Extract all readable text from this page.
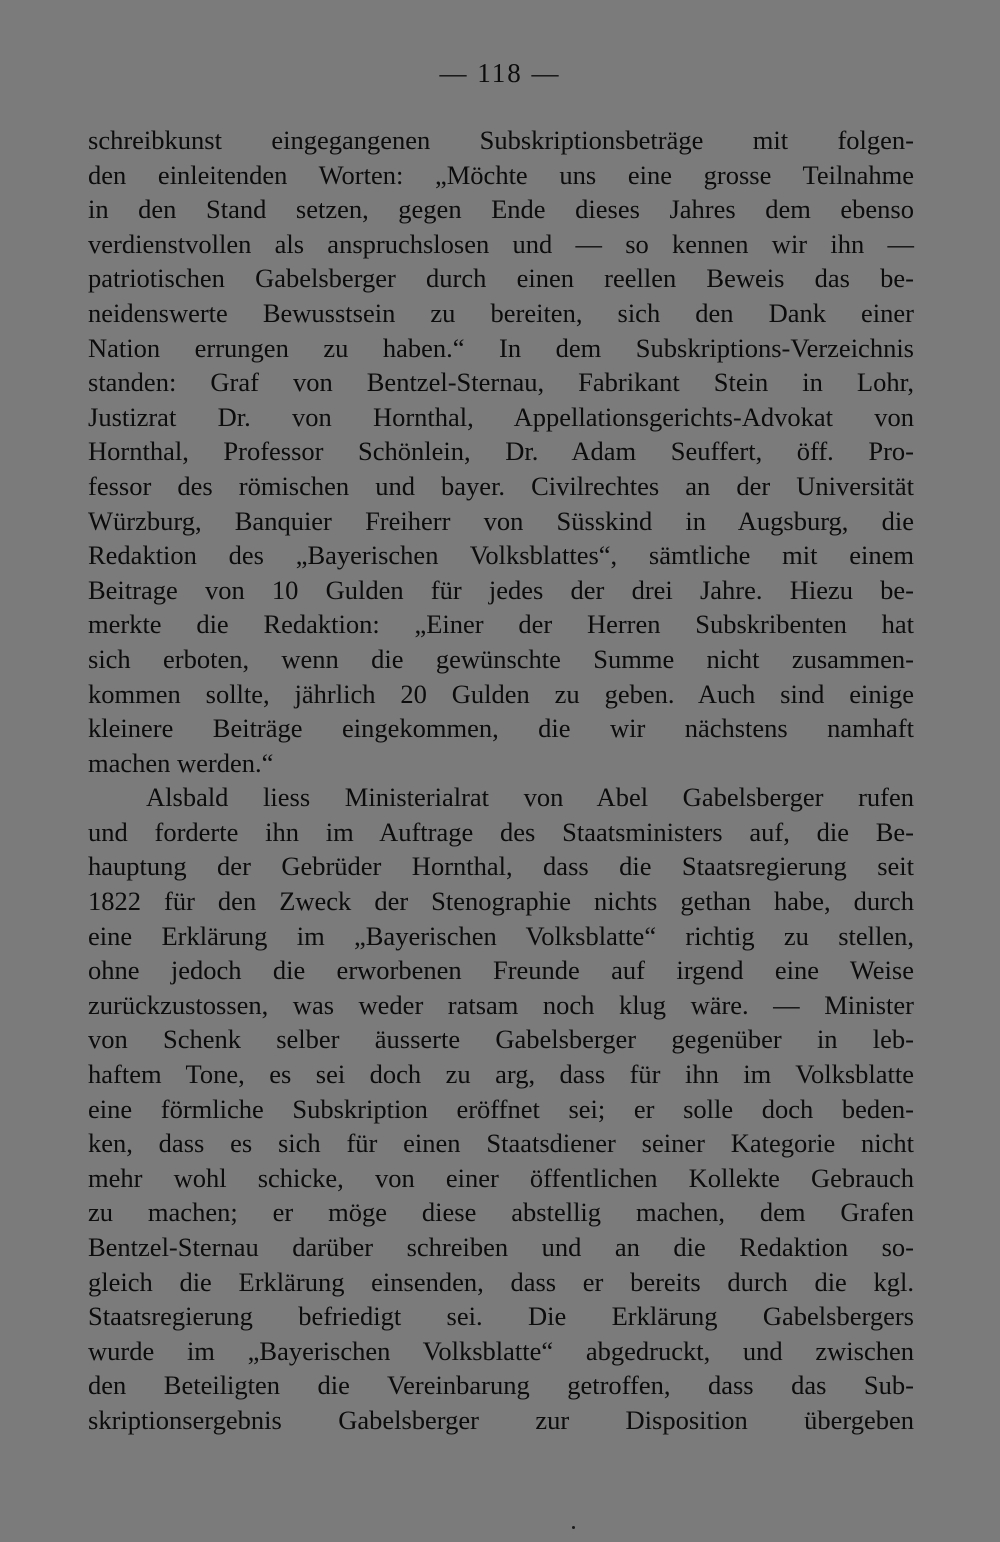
— 118 —
schreibkunst eingegangenen Subskriptionsbeträge mit folgen-
den einleitenden Worten: „Möchte uns eine grosse Teilnahme
in den Stand setzen, gegen Ende dieses Jahres dem ebenso
verdienstvollen als anspruchslosen und — so kennen wir ihn —
patriotischen Gabelsberger durch einen reellen Beweis das be-
neidenswerte Bewusstsein zu bereiten, sich den Dank einer
Nation errungen zu haben.“ In dem Subskriptions-Verzeichnis
standen: Graf von Bentzel-Sternau, Fabrikant Stein in Lohr,
Justizrat Dr. von Hornthal, Appellationsgerichts-Advokat von
Hornthal, Professor Schönlein, Dr. Adam Seuffert, öff. Pro-
fessor des römischen und bayer. Civilrechtes an der Universität
Würzburg, Banquier Freiherr von Süsskind in Augsburg, die
Redaktion des „Bayerischen Volksblattes“, sämtliche mit einem
Beitrage von 10 Gulden für jedes der drei Jahre. Hiezu be-
merkte die Redaktion: „Einer der Herren Subskribenten hat
sich erboten, wenn die gewünschte Summe nicht zusammen-
kommen sollte, jährlich 20 Gulden zu geben. Auch sind einige
kleinere Beiträge eingekommen, die wir nächstens namhaft
machen werden.“
Alsbald liess Ministerialrat von Abel Gabelsberger rufen
und forderte ihn im Auftrage des Staatsministers auf, die Be-
hauptung der Gebrüder Hornthal, dass die Staatsregierung seit
1822 für den Zweck der Stenographie nichts gethan habe, durch
eine Erklärung im „Bayerischen Volksblatte“ richtig zu stellen,
ohne jedoch die erworbenen Freunde auf irgend eine Weise
zurückzustossen, was weder ratsam noch klug wäre. — Minister
von Schenk selber äusserte Gabelsberger gegenüber in leb-
haftem Tone, es sei doch zu arg, dass für ihn im Volksblatte
eine förmliche Subskription eröffnet sei; er solle doch beden-
ken, dass es sich für einen Staatsdiener seiner Kategorie nicht
mehr wohl schicke, von einer öffentlichen Kollekte Gebrauch
zu machen; er möge diese abstellig machen, dem Grafen
Bentzel-Sternau darüber schreiben und an die Redaktion so-
gleich die Erklärung einsenden, dass er bereits durch die kgl.
Staatsregierung befriedigt sei. Die Erklärung Gabelsbergers
wurde im „Bayerischen Volksblatte“ abgedruckt, und zwischen
den Beteiligten die Vereinbarung getroffen, dass das Sub-
skriptionsergebnis Gabelsberger zur Disposition übergeben
